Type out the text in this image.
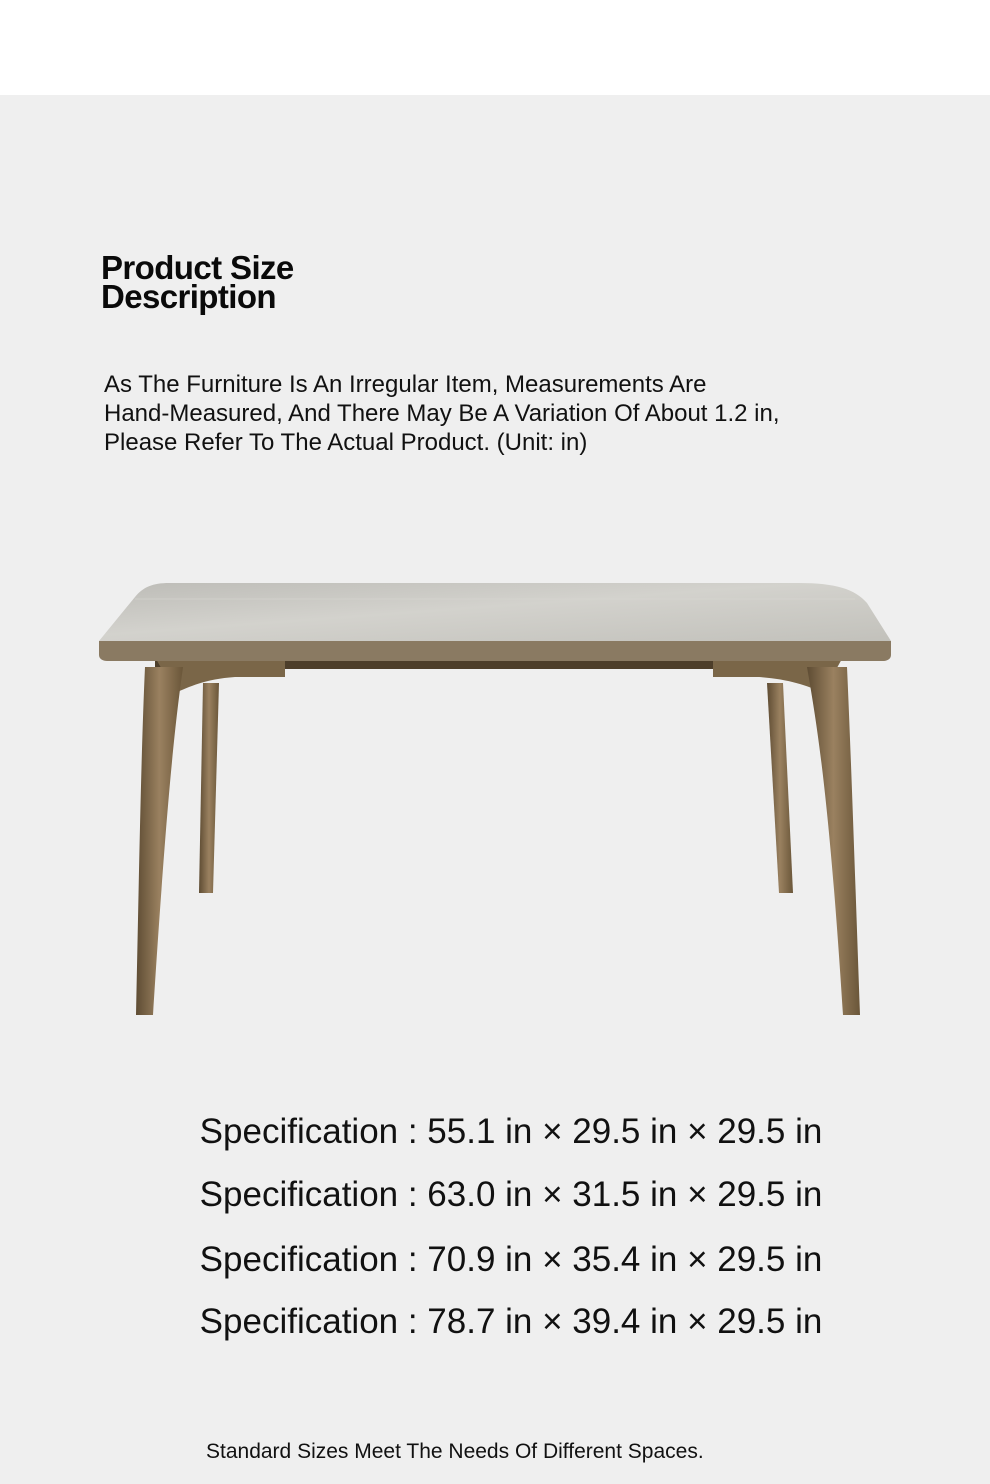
Product Size
Description
As The Furniture Is An Irregular Item, Measurements Are
Hand-Measured, And There May Be A Variation Of About 1.2 in,
Please Refer To The Actual Product. (Unit: in)
Specification : 55.1 in × 29.5 in × 29.5 in
Specification : 63.0 in × 31.5 in × 29.5 in
Specification : 70.9 in × 35.4 in × 29.5 in
Specification : 78.7 in × 39.4 in × 29.5 in
Standard Sizes Meet The Needs Of Different Spaces.
